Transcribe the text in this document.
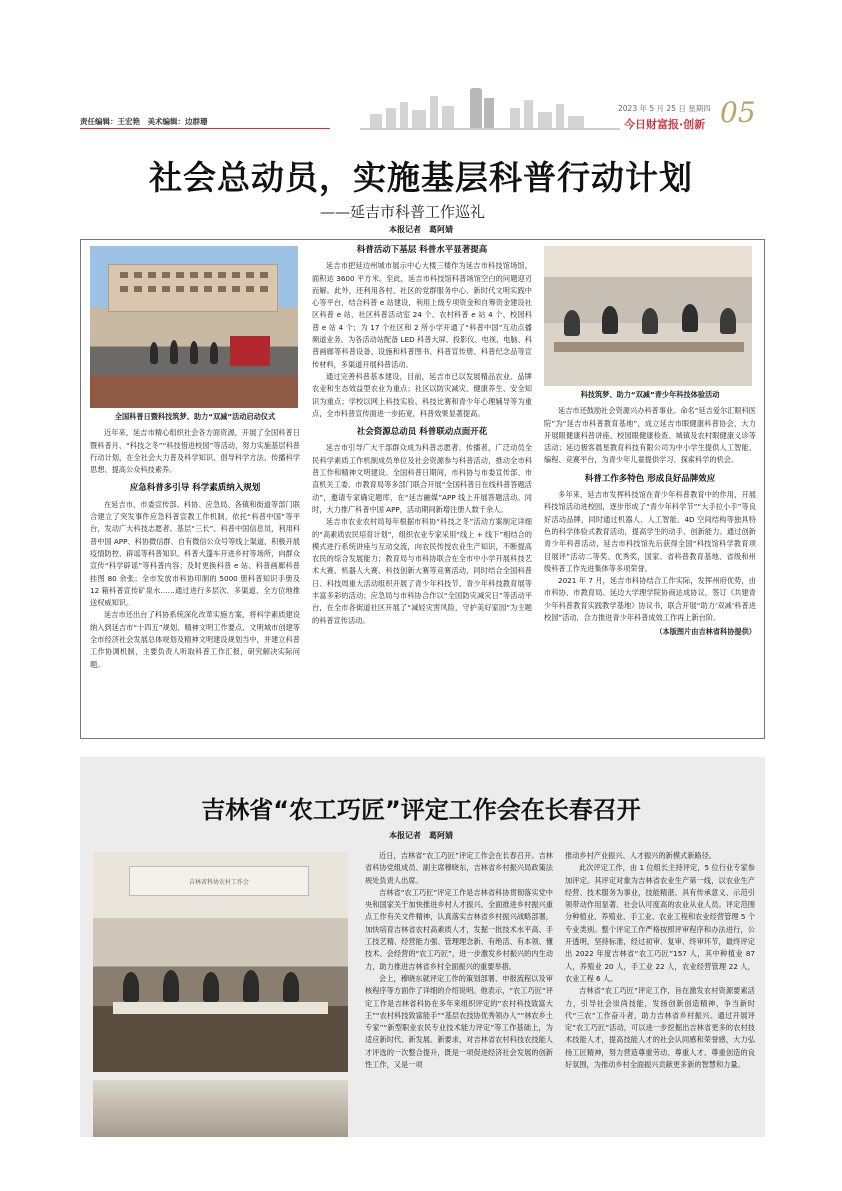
责任编辑：王宏艳　美术编辑：边群珊
2023 年 5 月 25 日 星期四
今日财富报·创新 05
社会总动员，实施基层科普行动计划
——延吉市科普工作巡礼
本报记者　葛阿婧
全国科普日暨科技筑梦、助力“双减”活动启动仪式

近年来，延吉市精心组织社会各方面资源，开展了全国科普日暨科普月、“科技之冬”“科技惜进校园”等活动，努力实施基层科普行动计划，在全社会大力普及科学知识、倡导科学方法、传播科学思想、提高公众科技素养。

应急科普多引导 科学素质纳入规划

在延吉市，市委宣传部、科协、应急局、各镇和街道等部门联合建立了突发事件应急科普宣教工作机制，依托“科普中国”等平台，发动广大科技志愿者、基层“三长”、科普中国信息员，利用科普中国 APP、科协微信群、自有微信公众号等线上渠道，积极开展疫情防控、辟谣等科普知识。科普大篷车开进乡村等场所，向群众宣传“科学辟谣”等科普内容；及时更换科普 e 站、科普画廊科普挂图 80 余张；全市发放市科协印制的 5000 册科普知识手册及 12 箱科普宣传矿泉水……通过进行多层次、多渠道、全方位地推送权威知识。

延吉市还出台了科协系统深化改革实施方案，将科学素质建设纳入到延吉市“十四五”规划、精神文明工作要点、文明城市创建等全市经济社会发展总体规划及精神文明建设规划当中，并建立科普工作协调机制，主要负责人听取科普工作汇报，研究解决实际问题。

科普活动下基层 科普水平显著提高

延吉市把延边州城市展示中心大楼三楼作为延吉市科技馆场馆，面积达 3600 平方米。至此，延吉市科技馆科普场馆空白的问题迎刃而解。此外，还利用各村、社区的党群服务中心、新时代文明实践中心等平台，结合科普 e 站建设，利用上级专项资金和自筹资金建设社区科普 e 站、社区科普活动室 24 个、农村科普 e 站 4 个、校园科普 e 站 4 个；为 17 个社区和 2 所小学开通了“科普中国”互动点播频道业务。为各活动站配备 LED 科普大屏、投影仪、电视、电脑、科普画廊等科普设备、设施和科普图书、科普宣传册、科普纪念品等宣传材料，多渠道开展科普活动。

通过完善科普基本建设，目前，延吉市已以发展精品农业、品牌农业和生态效益型农业为重点；社区以防灾减灾、健康养生、安全知识为重点；学校以网上科技实验、科技比赛和青少年心理辅导等为重点，全市科普宣传面进一步拓宽，科普效果显著提高。

社会资源总动员 科普联动点面开花

延吉市引导广大干部群众成为科普志愿者、传播者，广泛动员全民科学素质工作机制成员单位及社会资源参与科普活动，推动全市科普工作和精神文明建设。全国科普日期间，市科协与市委宣传部、市直机关工委、市教育局等多部门联合开展“全国科普日在线科普答题活动”，邀请专家确定题库，在“延吉融媒”APP 线上开展答题活动。同时，大力推广科普中国 APP，活动期间新增注册人数千余人。

延吉市农业农村局每年根据市科协“科技之冬”活动方案制定详细的“高素质农民培育计划”，组织农业专家采用“线上 + 线下”相结合的模式进行系统讲座与互动交流，向农民传授农业生产知识，不断提高农民的综合发展能力；教育局与市科协联合在全市中小学开展科技艺术大赛、机器人大赛、科技创新大赛等竞赛活动，同时结合全国科普日、科技周重大活动组织开展了青少年科技节、青少年科技教育展等丰富多彩的活动；应急局与市科协合作以“全国防灾减灾日”等活动平台，在全市各街道社区开展了“减轻灾害风险，守护美好家园”为主题的科普宣传活动。

科技筑梦、助力“双减”青少年科技体验活动

延吉市还鼓励社会资源兴办科普事业。命名“延吉爱尔汇眼科医院”为“延吉市科普教育基地”，成立延吉市眼健康科普协会，大力开展眼健康科普讲座、校园眼健康检查、城镇及农村眼健康义诊等活动；延边极客晨星教育科技有限公司为中小学生提供人工智能、编程、竞赛平台，为青少年儿童提供学习、探索科学的机会。

科普工作多特色 形成良好品牌效应

多年来，延吉市发挥科技馆在青少年科普教育中的作用，开展科技馆活动进校园，逐步形成了“青少年科学节”“大手拉小手”等良好活动品牌，同时通过机器人、人工智能、4D 空间结构等独具特色的科学体验式教育活动，提高学生的动手、创新能力。通过创新青少年科普活动，延吉市科技馆先后获得全国“科技馆科学教育项目展评”活动二等奖、优秀奖，国家、省科普教育基地、省级和州级科普工作先进集体等多项荣誉。

2021 年 7 月，延吉市科协结合工作实际，发挥州府优势，由市科协、市教育局、延边大学理学院协商达成协议，签订《共建青少年科普教育实践教学基地》协议书，联合开展“助力‘双减’科普进校园”活动，合力推进青少年科普成效工作再上新台阶。

（本版图片由吉林省科协提供）
吉林省“农工巧匠”评定工作会在长春召开
本报记者　葛阿婧
吉林省科协农村工作会

近日，吉林省“农工巧匠”评定工作会在长春召开。吉林省科协党组成员、副主席穆晓东，吉林省乡村振兴局政策法规处负责人出席。

吉林省“农工巧匠”评定工作是吉林省科协贯彻落实党中央和国家关于加快推进乡村人才振兴、全面推进乡村振兴重点工作有关文件精神，认真落实吉林省乡村振兴战略部署，加快培育吉林省农村高素质人才，发掘一批技术水平高、手工技艺精、经营能力强、管理理念新、有绝活、有本领、懂技术、会经营的“农工巧匠”，进一步激发乡村振兴的内生动力，助力推进吉林省乡村全面振兴的重要举措。

会上，穆晓东就评定工作的策划部署、申报流程以及审核程序等方面作了详细的介绍说明。他表示，“农工巧匠”评定工作是吉林省科协在多年来组织评定的“农村科技致富大王”“农村科技致富能手”“基层农技协优秀领办人”“林农乡土专家”“新型职业农民专业技术能力评定”等工作基础上，为适应新时代、新发展、新要求，对吉林省农村科技农技能人才评选的一次整合提升，既是一项促进经济社会发展的创新性工作，又是一项

推动乡村产业振兴、人才振兴的新模式新路径。

此次评定工作，由 1 位组长主持评定，5 位行业专家参加评定。其评定对象为吉林省农业生产第一线，以农业生产经营、技术服务为事业，技能精湛、具有传承意义、示范引领带动作用显著、社会认可度高的农业从业人员。评定范围分种植业、养殖业、手工业、农业工程和农业经营管理 5 个专业类别。整个评定工作严格按照评审程序和办法进行，公开透明，坚持标准，经过初审、复审、终审环节，最终评定出 2022 年度吉林省“农工巧匠”157 人，其中种植业 87 人，养殖业 20 人，手工业 22 人，农业经营管理 22 人，农业工程 6 人。

吉林省“农工巧匠”评定工作，旨在激发农村资源要素活力，引导社会崇尚技能，发扬创新创造精神，争当新时代“三农”工作奋斗者，助力吉林省乡村振兴。通过开展评定“农工巧匠”活动，可以进一步挖掘出吉林省更多的农村技术技能人才，提高技能人才的社会认同感和荣誉感，大力弘扬工匠精神，努力营造尊重劳动、尊重人才、尊重创造的良好氛围，为推动乡村全面振兴贡献更多新的智慧和力量。
